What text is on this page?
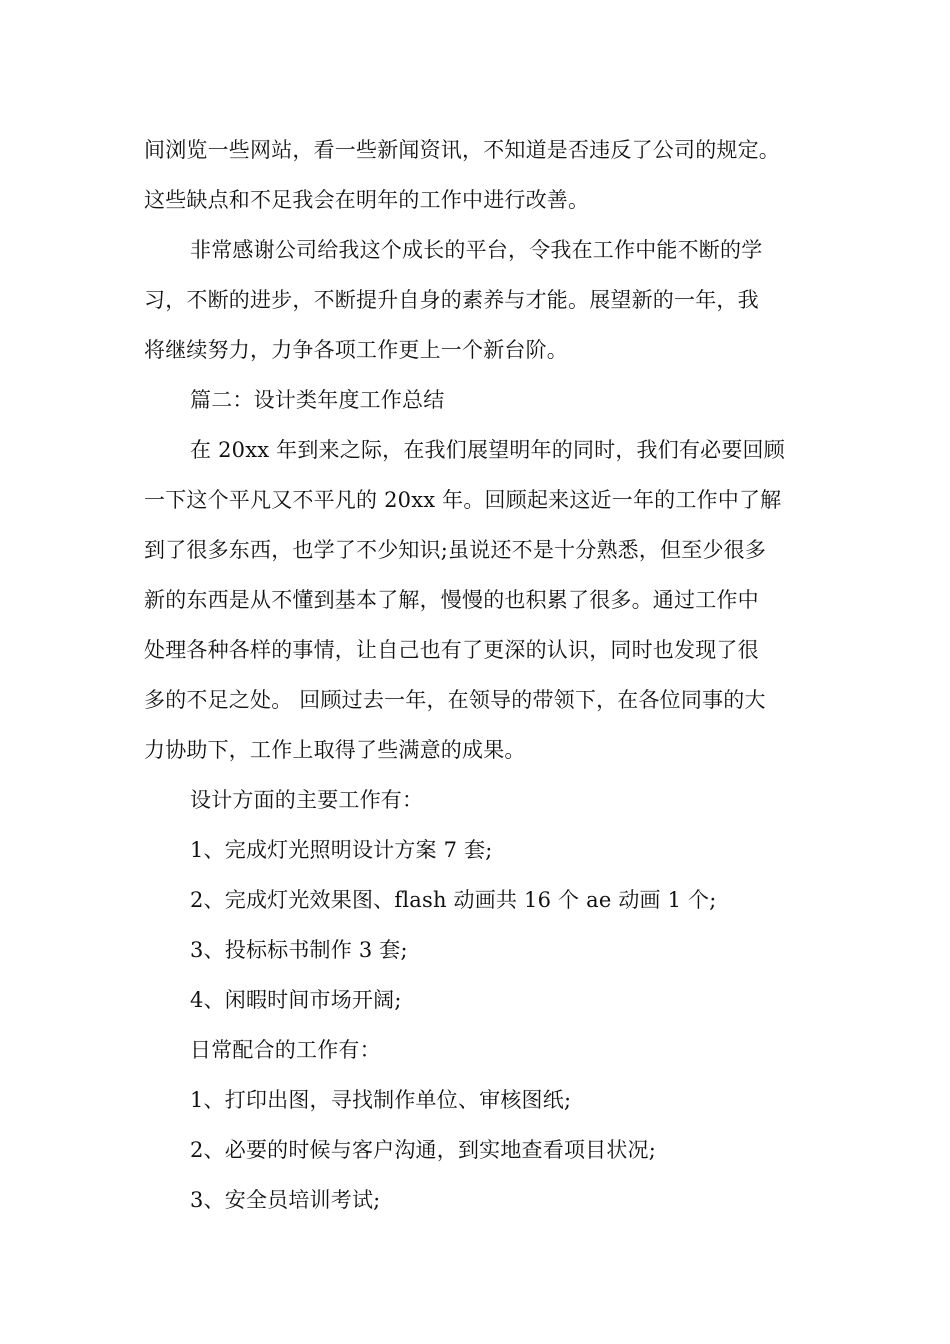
间浏览一些网站，看一些新闻资讯，不知道是否违反了公司的规定。
这些缺点和不足我会在明年的工作中进行改善。
非常感谢公司给我这个成长的平台，令我在工作中能不断的学
习，不断的进步，不断提升自身的素养与才能。展望新的一年，我
将继续努力，力争各项工作更上一个新台阶。
篇二：设计类年度工作总结
在 20xx 年到来之际，在我们展望明年的同时，我们有必要回顾
一下这个平凡又不平凡的 20xx 年。回顾起来这近一年的工作中了解
到了很多东西，也学了不少知识;虽说还不是十分熟悉，但至少很多
新的东西是从不懂到基本了解，慢慢的也积累了很多。通过工作中
处理各种各样的事情，让自己也有了更深的认识，同时也发现了很
多的不足之处。 回顾过去一年，在领导的带领下，在各位同事的大
力协助下，工作上取得了些满意的成果。
设计方面的主要工作有：
1、完成灯光照明设计方案 7 套;
2、完成灯光效果图、flash 动画共 16 个 ae 动画 1 个;
3、投标标书制作 3 套;
4、闲暇时间市场开阔;
日常配合的工作有：
1、打印出图，寻找制作单位、审核图纸;
2、必要的时候与客户沟通，到实地查看项目状况;
3、安全员培训考试;
